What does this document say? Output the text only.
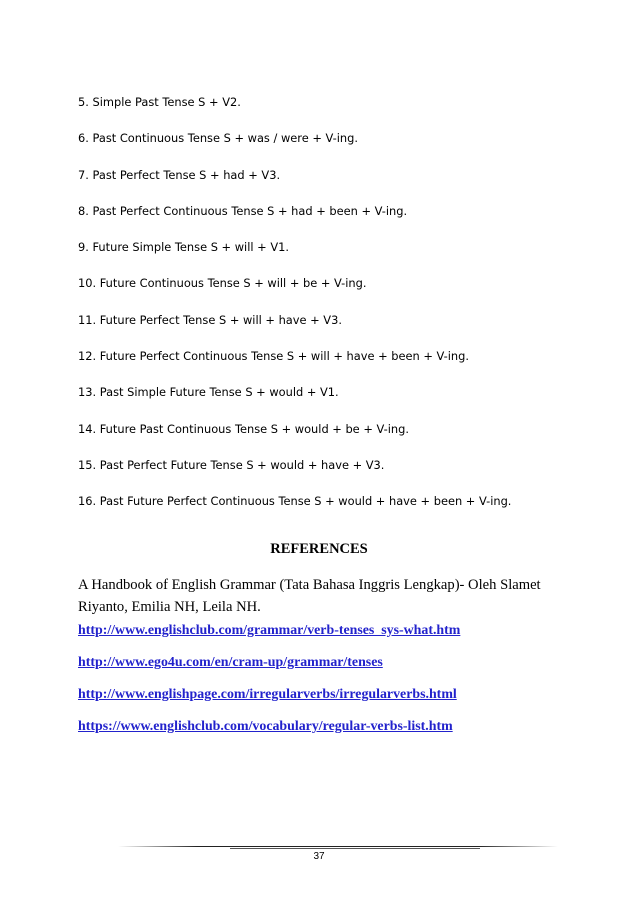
5. Simple Past Tense S + V2.
6. Past Continuous Tense S + was / were + V-ing.
7. Past Perfect Tense S + had + V3.
8. Past Perfect Continuous Tense S + had + been + V-ing.
9. Future Simple Tense S + will + V1.
10. Future Continuous Tense S + will + be + V-ing.
11. Future Perfect Tense S + will + have + V3.
12. Future Perfect Continuous Tense S + will + have + been + V-ing.
13. Past Simple Future Tense S + would + V1.
14. Future Past Continuous Tense S + would + be + V-ing.
15. Past Perfect Future Tense S + would + have + V3.
16. Past Future Perfect Continuous Tense S + would + have + been + V-ing.
REFERENCES
A Handbook of English Grammar (Tata Bahasa Inggris Lengkap)- Oleh Slamet Riyanto, Emilia NH, Leila NH.
http://www.englishclub.com/grammar/verb-tenses_sys-what.htm
http://www.ego4u.com/en/cram-up/grammar/tenses
http://www.englishpage.com/irregularverbs/irregularverbs.html
https://www.englishclub.com/vocabulary/regular-verbs-list.htm
37
